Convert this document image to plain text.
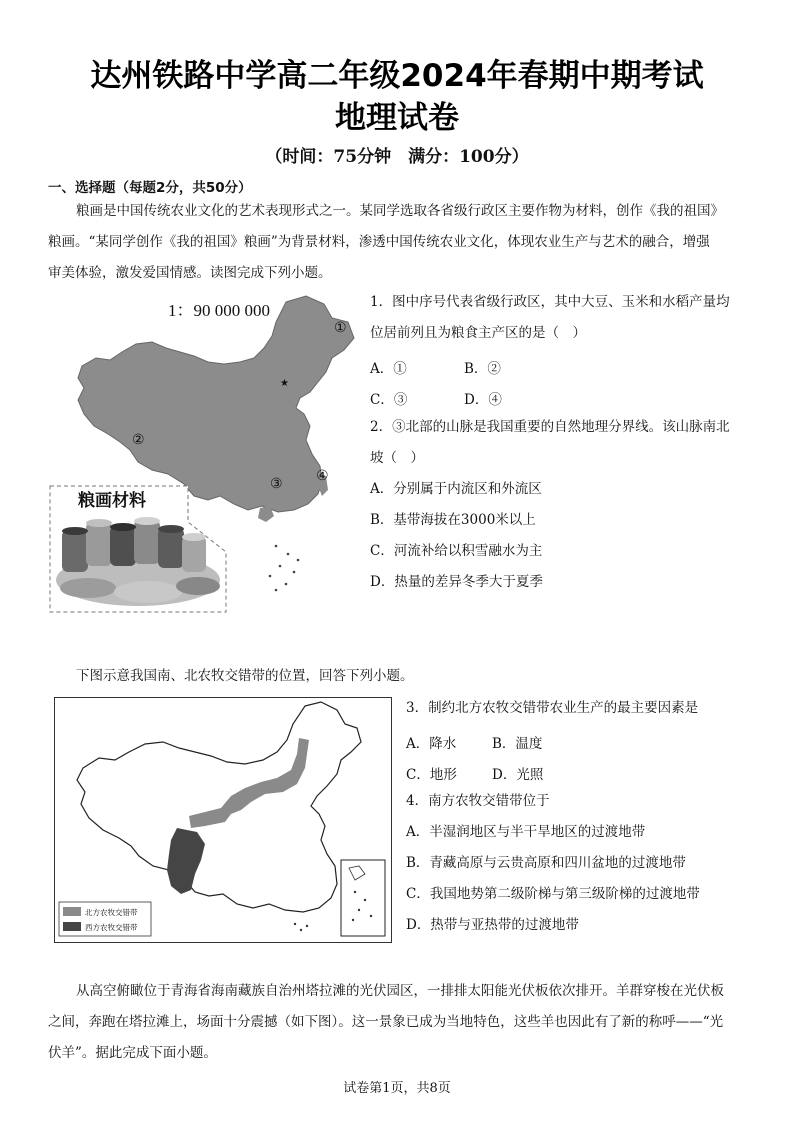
达州铁路中学高二年级2024年春期中期考试
地理试卷
（时间：75分钟　满分：100分）
一、选择题（每题2分，共50分）
粮画是中国传统农业文化的艺术表现形式之一。某同学选取各省级行政区主要作物为材料，创作《我的祖国》
粮画。“某同学创作《我的祖国》粮画”为背景材料，渗透中国传统农业文化，体现农业生产与艺术的融合，增强
审美体验，激发爱国情感。读图完成下列小题。
1：90 000 000
①
②
③ ④
★
粮画材料
1．图中序号代表省级行政区，其中大豆、玉米和水稻产量均
位居前列且为粮食主产区的是（　）
A．①	B．②
C．③	D．④
2．③北部的山脉是我国重要的自然地理分界线。该山脉南北
坡（　）
A．分别属于内流区和外流区
B．基带海拔在3000米以上
C．河流补给以积雪融水为主
D．热量的差异冬季大于夏季
下图示意我国南、北农牧交错带的位置，回答下列小题。
北方农牧交错带
西方农牧交错带
3．制约北方农牧交错带农业生产的最主要因素是
A．降水	B．温度
C．地形	D．光照
4．南方农牧交错带位于
A．半湿润地区与半干旱地区的过渡地带
B．青藏高原与云贵高原和四川盆地的过渡地带
C．我国地势第二级阶梯与第三级阶梯的过渡地带
D．热带与亚热带的过渡地带
从高空俯瞰位于青海省海南藏族自治州塔拉滩的光伏园区，一排排太阳能光伏板依次排开。羊群穿梭在光伏板
之间，奔跑在塔拉滩上，场面十分震撼（如下图）。这一景象已成为当地特色，这些羊也因此有了新的称呼——“光
伏羊”。据此完成下面小题。
试卷第1页，共8页
